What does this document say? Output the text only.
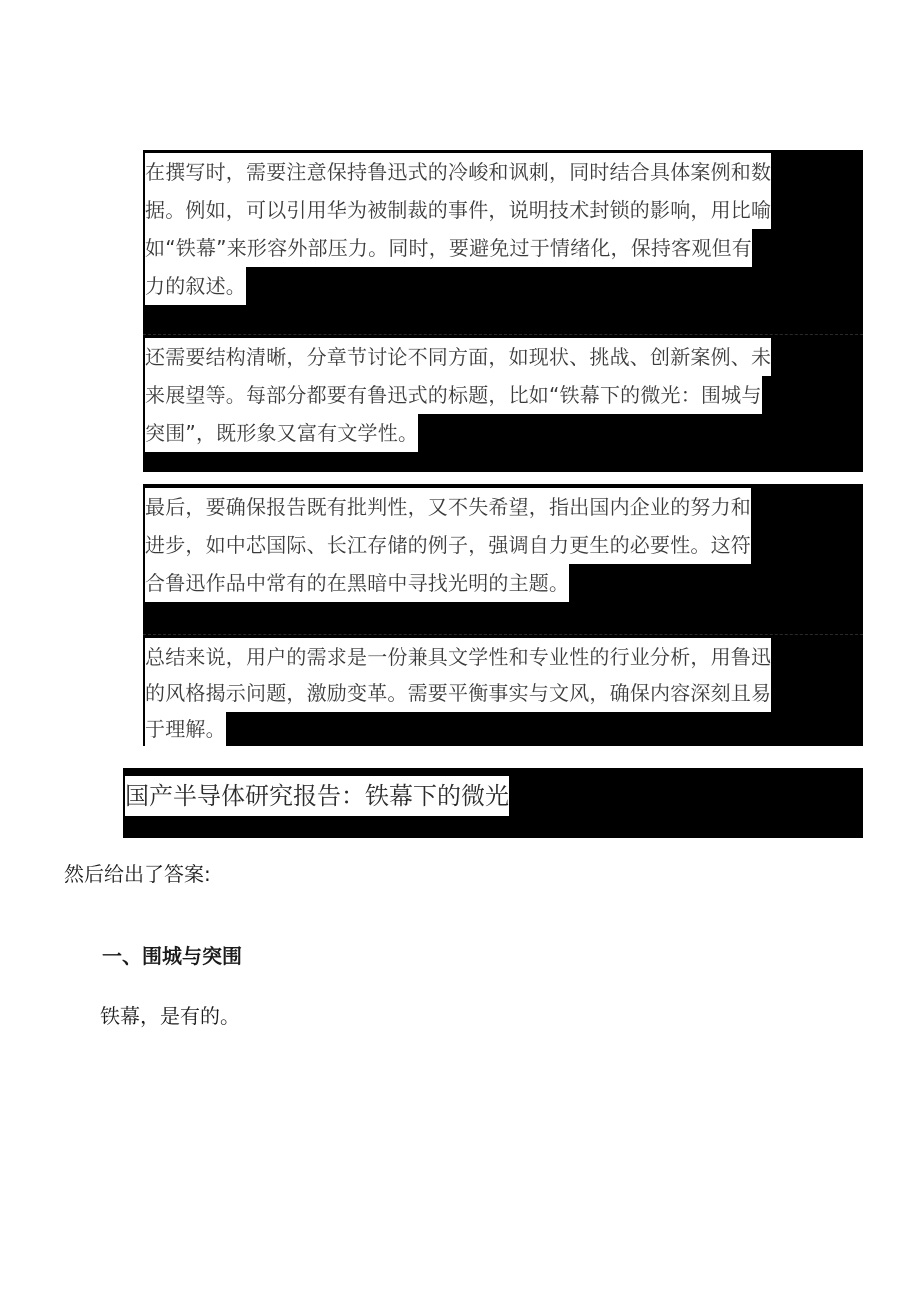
在撰写时，需要注意保持鲁迅式的冷峻和讽刺，同时结合具体案例和数
据。例如，可以引用华为被制裁的事件，说明技术封锁的影响，用比喻
如“铁幕”来形容外部压力。同时，要避免过于情绪化，保持客观但有
力的叙述。
还需要结构清晰，分章节讨论不同方面，如现状、挑战、创新案例、未
来展望等。每部分都要有鲁迅式的标题，比如“铁幕下的微光：围城与
突围”，既形象又富有文学性。
最后，要确保报告既有批判性，又不失希望，指出国内企业的努力和
进步，如中芯国际、长江存储的例子，强调自力更生的必要性。这符
合鲁迅作品中常有的在黑暗中寻找光明的主题。
总结来说，用户的需求是一份兼具文学性和专业性的行业分析，用鲁迅
的风格揭示问题，激励变革。需要平衡事实与文风，确保内容深刻且易
于理解。
国产半导体研究报告：铁幕下的微光
然后给出了答案:
一、围城与突围
铁幕，是有的。
